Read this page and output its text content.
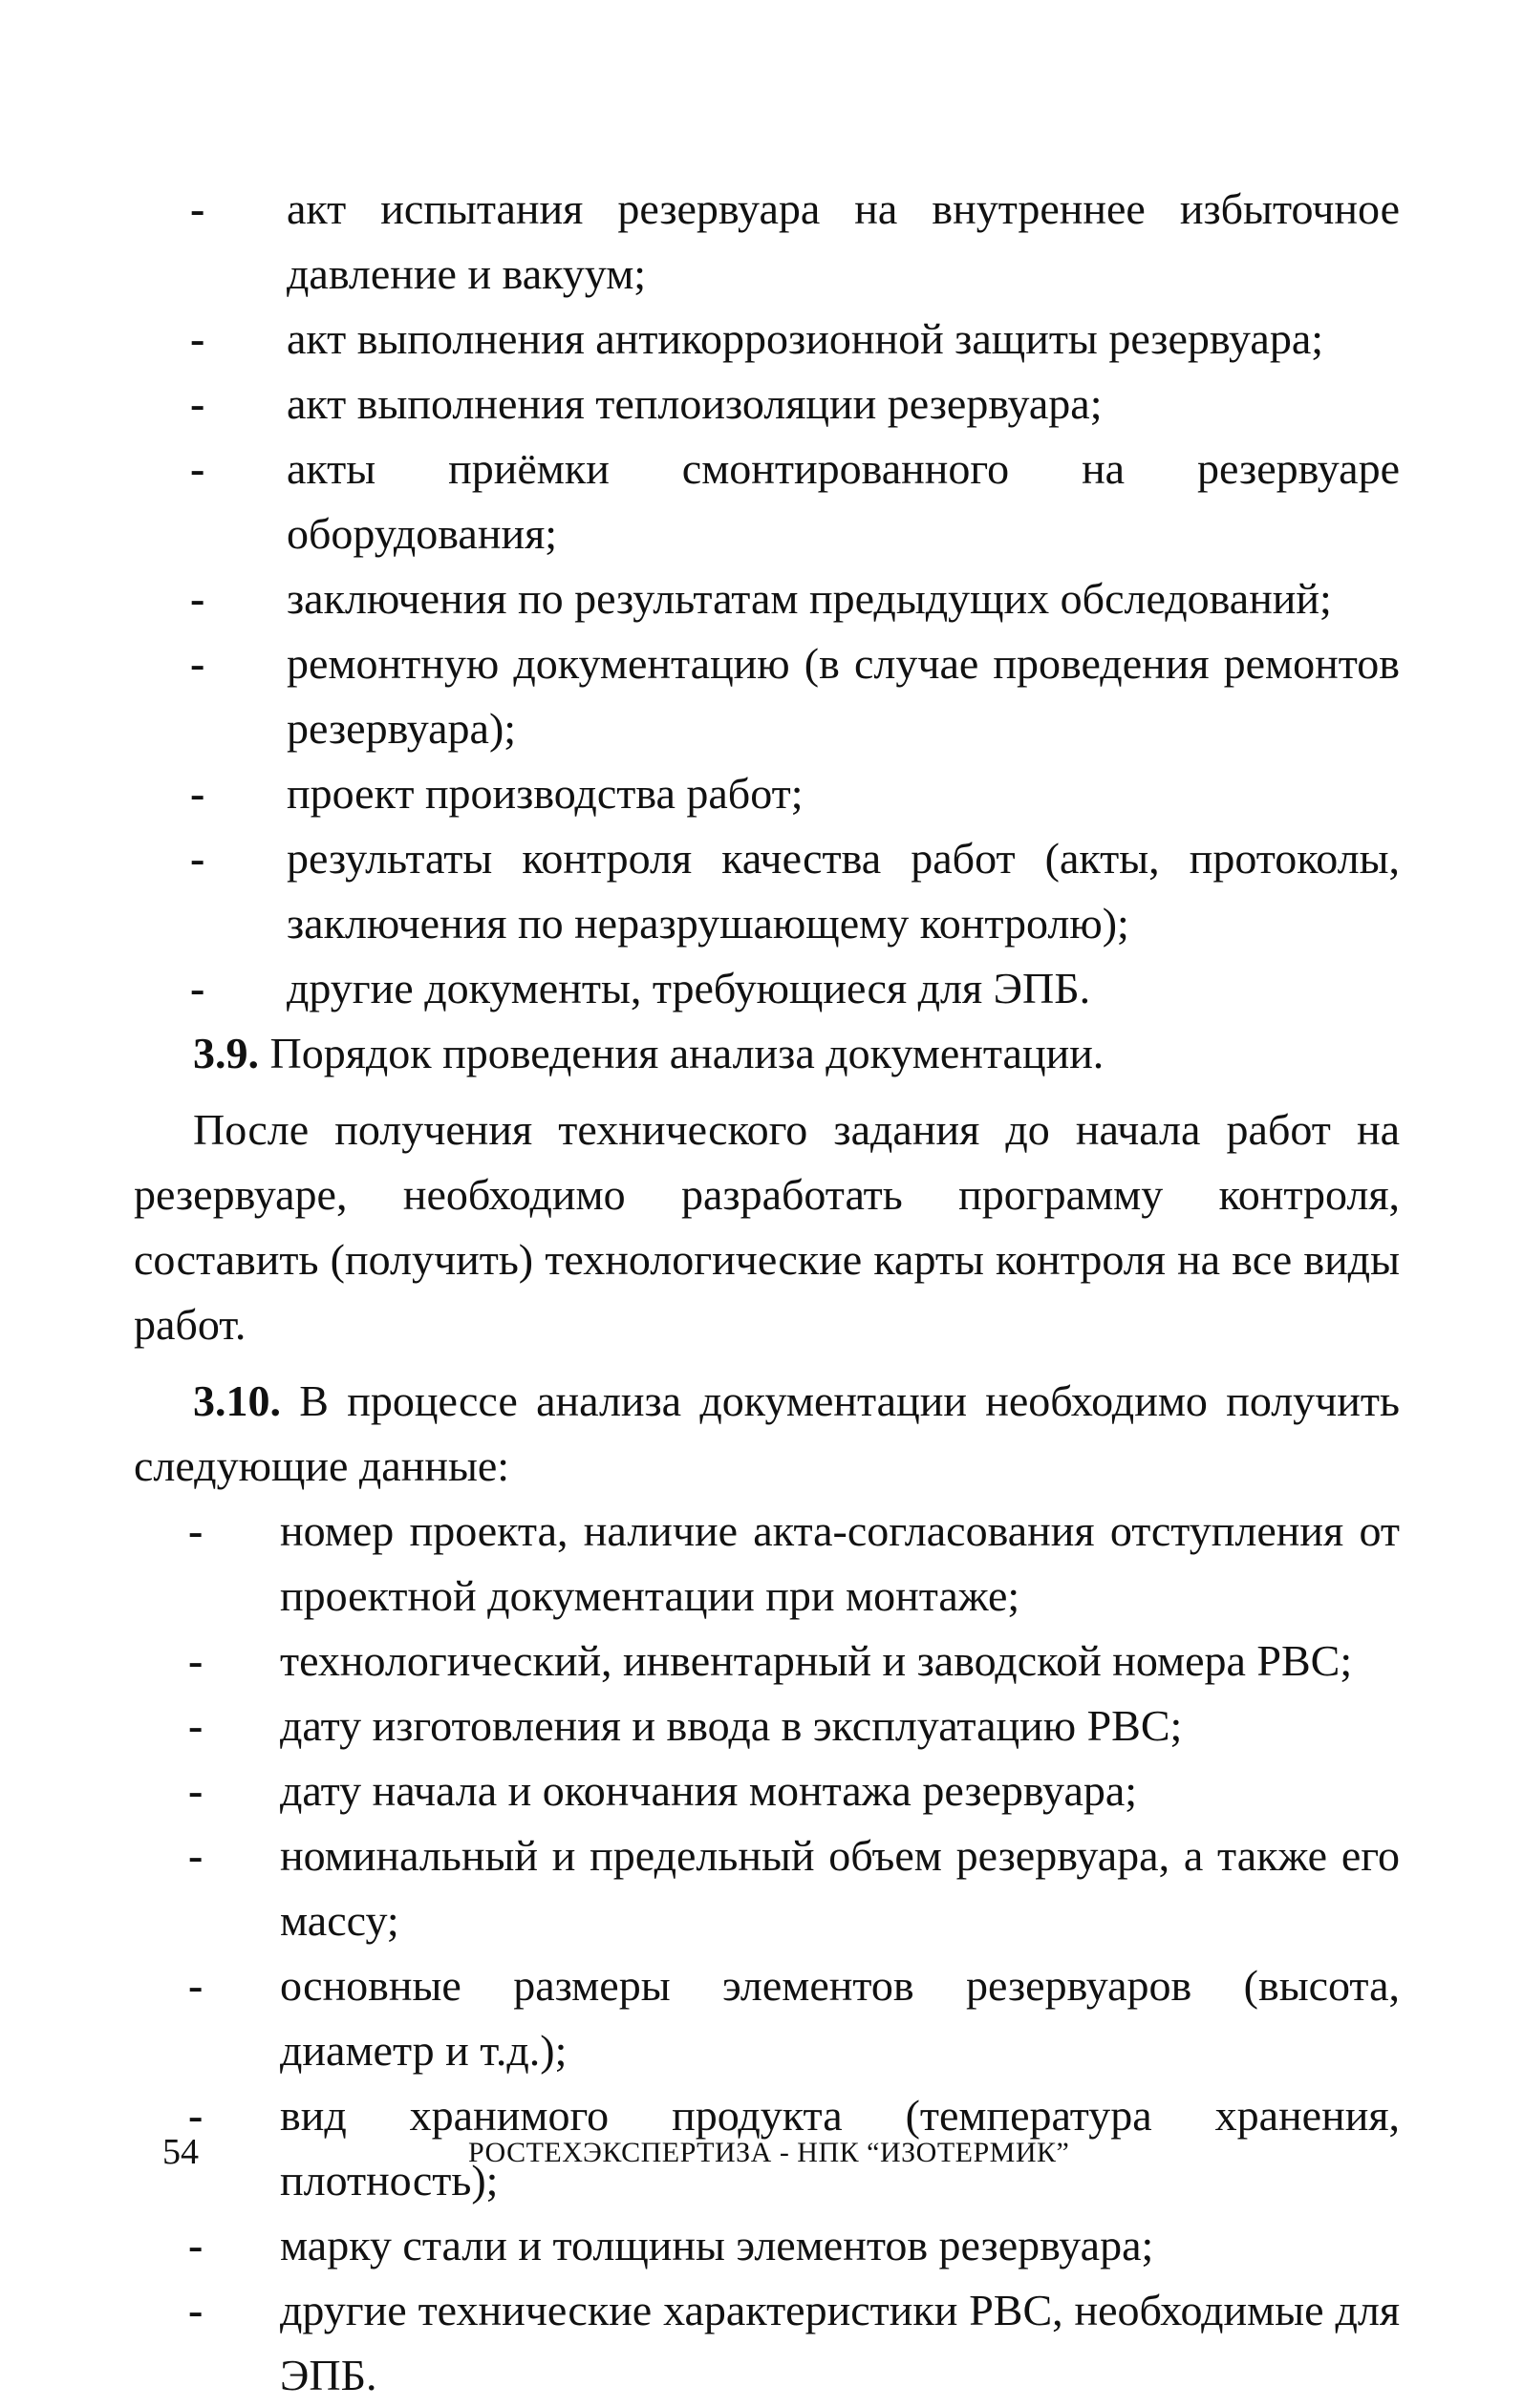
- акт испытания резервуара на внутреннее избыточное давление и вакуум;
- акт выполнения антикоррозионной защиты резервуара;
- акт выполнения теплоизоляции резервуара;
- акты приёмки смонтированного на резервуаре оборудования;
- заключения по результатам предыдущих обследований;
- ремонтную документацию (в случае проведения ремонтов резервуара);
- проект производства работ;
- результаты контроля качества работ (акты, протоколы, заключения по неразрушающему контролю);
- другие документы, требующиеся для ЭПБ.

3.9. Порядок проведения анализа документации.

После получения технического задания до начала работ на резервуаре, необходимо разработать программу контроля, составить (получить) технологические карты контроля на все виды работ.

3.10. В процессе анализа документации необходимо получить следующие данные:

- номер проекта, наличие акта-согласования отступления от проектной документации при монтаже;
- технологический, инвентарный и заводской номера РВС;
- дату изготовления и ввода в эксплуатацию РВС;
- дату начала и окончания монтажа резервуара;
- номинальный и предельный объем резервуара, а также его массу;
- основные размеры элементов резервуаров (высота, диаметр и т.д.);
- вид хранимого продукта (температура хранения, плотность);
- марку стали и толщины элементов резервуара;
- другие технические характеристики РВС, необходимые для ЭПБ.
54	РОСТЕХЭКСПЕРТИЗА - НПК “ИЗОТЕРМИК”
